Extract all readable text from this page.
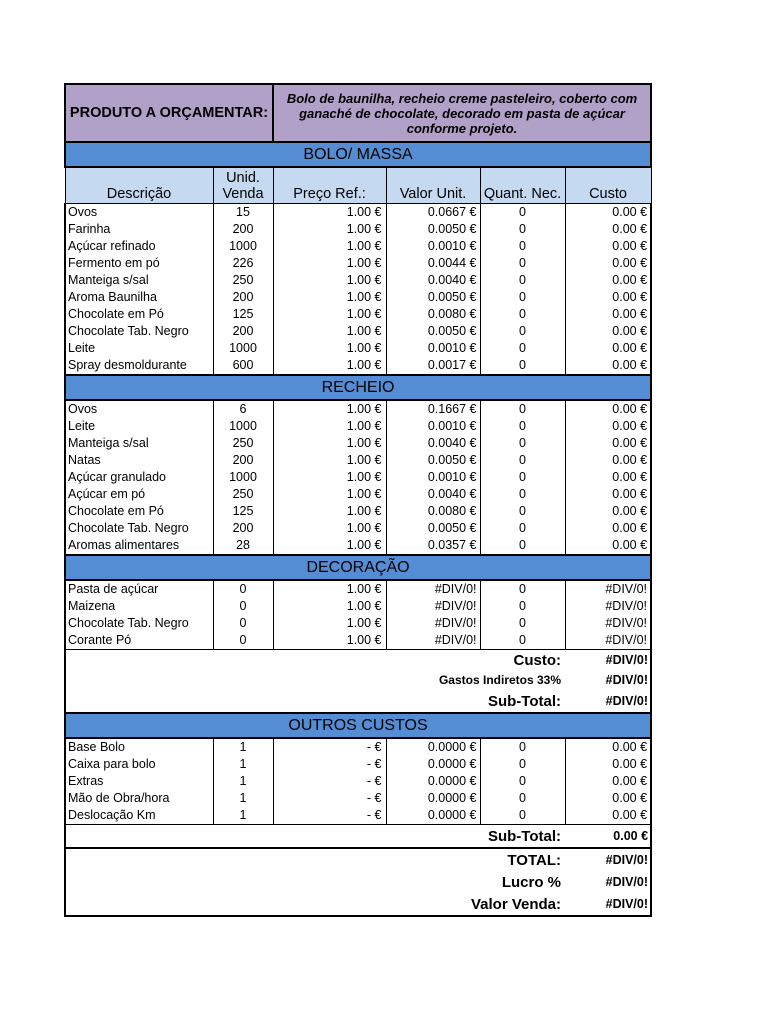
PRODUTO A ORÇAMENTAR:		Bolo de baunilha, recheio creme pasteleiro, coberto com ganaché de chocolate, decorado em pasta de açúcar conforme projeto.			
BOLO/ MASSA					
Descrição	Unid. Venda	Preço Ref.:	Valor Unit.	Quant. Nec.	Custo
Ovos	15	1.00 €	0.0667 €	0	0.00 €
Farinha	200	1.00 €	0.0050 €	0	0.00 €
Açúcar refinado	1000	1.00 €	0.0010 €	0	0.00 €
Fermento em pó	226	1.00 €	0.0044 €	0	0.00 €
Manteiga s/sal	250	1.00 €	0.0040 €	0	0.00 €
Aroma Baunilha	200	1.00 €	0.0050 €	0	0.00 €
Chocolate em Pó	125	1.00 €	0.0080 €	0	0.00 €
Chocolate Tab. Negro	200	1.00 €	0.0050 €	0	0.00 €
Leite	1000	1.00 €	0.0010 €	0	0.00 €
Spray desmoldurante	600	1.00 €	0.0017 €	0	0.00 €
RECHEIO					
Ovos	6	1.00 €	0.1667 €	0	0.00 €
Leite	1000	1.00 €	0.0010 €	0	0.00 €
Manteiga s/sal	250	1.00 €	0.0040 €	0	0.00 €
Natas	200	1.00 €	0.0050 €	0	0.00 €
Açúcar granulado	1000	1.00 €	0.0010 €	0	0.00 €
Açúcar em pó	250	1.00 €	0.0040 €	0	0.00 €
Chocolate em Pó	125	1.00 €	0.0080 €	0	0.00 €
Chocolate Tab. Negro	200	1.00 €	0.0050 €	0	0.00 €
Aromas alimentares	28	1.00 €	0.0357 €	0	0.00 €
DECORAÇÃO					
Pasta de açúcar	0	1.00 €	#DIV/0!	0	#DIV/0!
Maizena	0	1.00 €	#DIV/0!	0	#DIV/0!
Chocolate Tab. Negro	0	1.00 €	#DIV/0!	0	#DIV/0!
Corante Pó	0	1.00 €	#DIV/0!	0	#DIV/0!
Custo:					#DIV/0!
Gastos Indiretos 33%					#DIV/0!
Sub-Total:					#DIV/0!
OUTROS CUSTOS					
Base Bolo	1	- €	0.0000 €	0	0.00 €
Caixa para bolo	1	- €	0.0000 €	0	0.00 €
Extras	1	- €	0.0000 €	0	0.00 €
Mão de Obra/hora	1	- €	0.0000 €	0	0.00 €
Deslocação Km	1	- €	0.0000 €	0	0.00 €
Sub-Total:					0.00 €
TOTAL:					#DIV/0!
Lucro %					#DIV/0!
Valor Venda:					#DIV/0!
